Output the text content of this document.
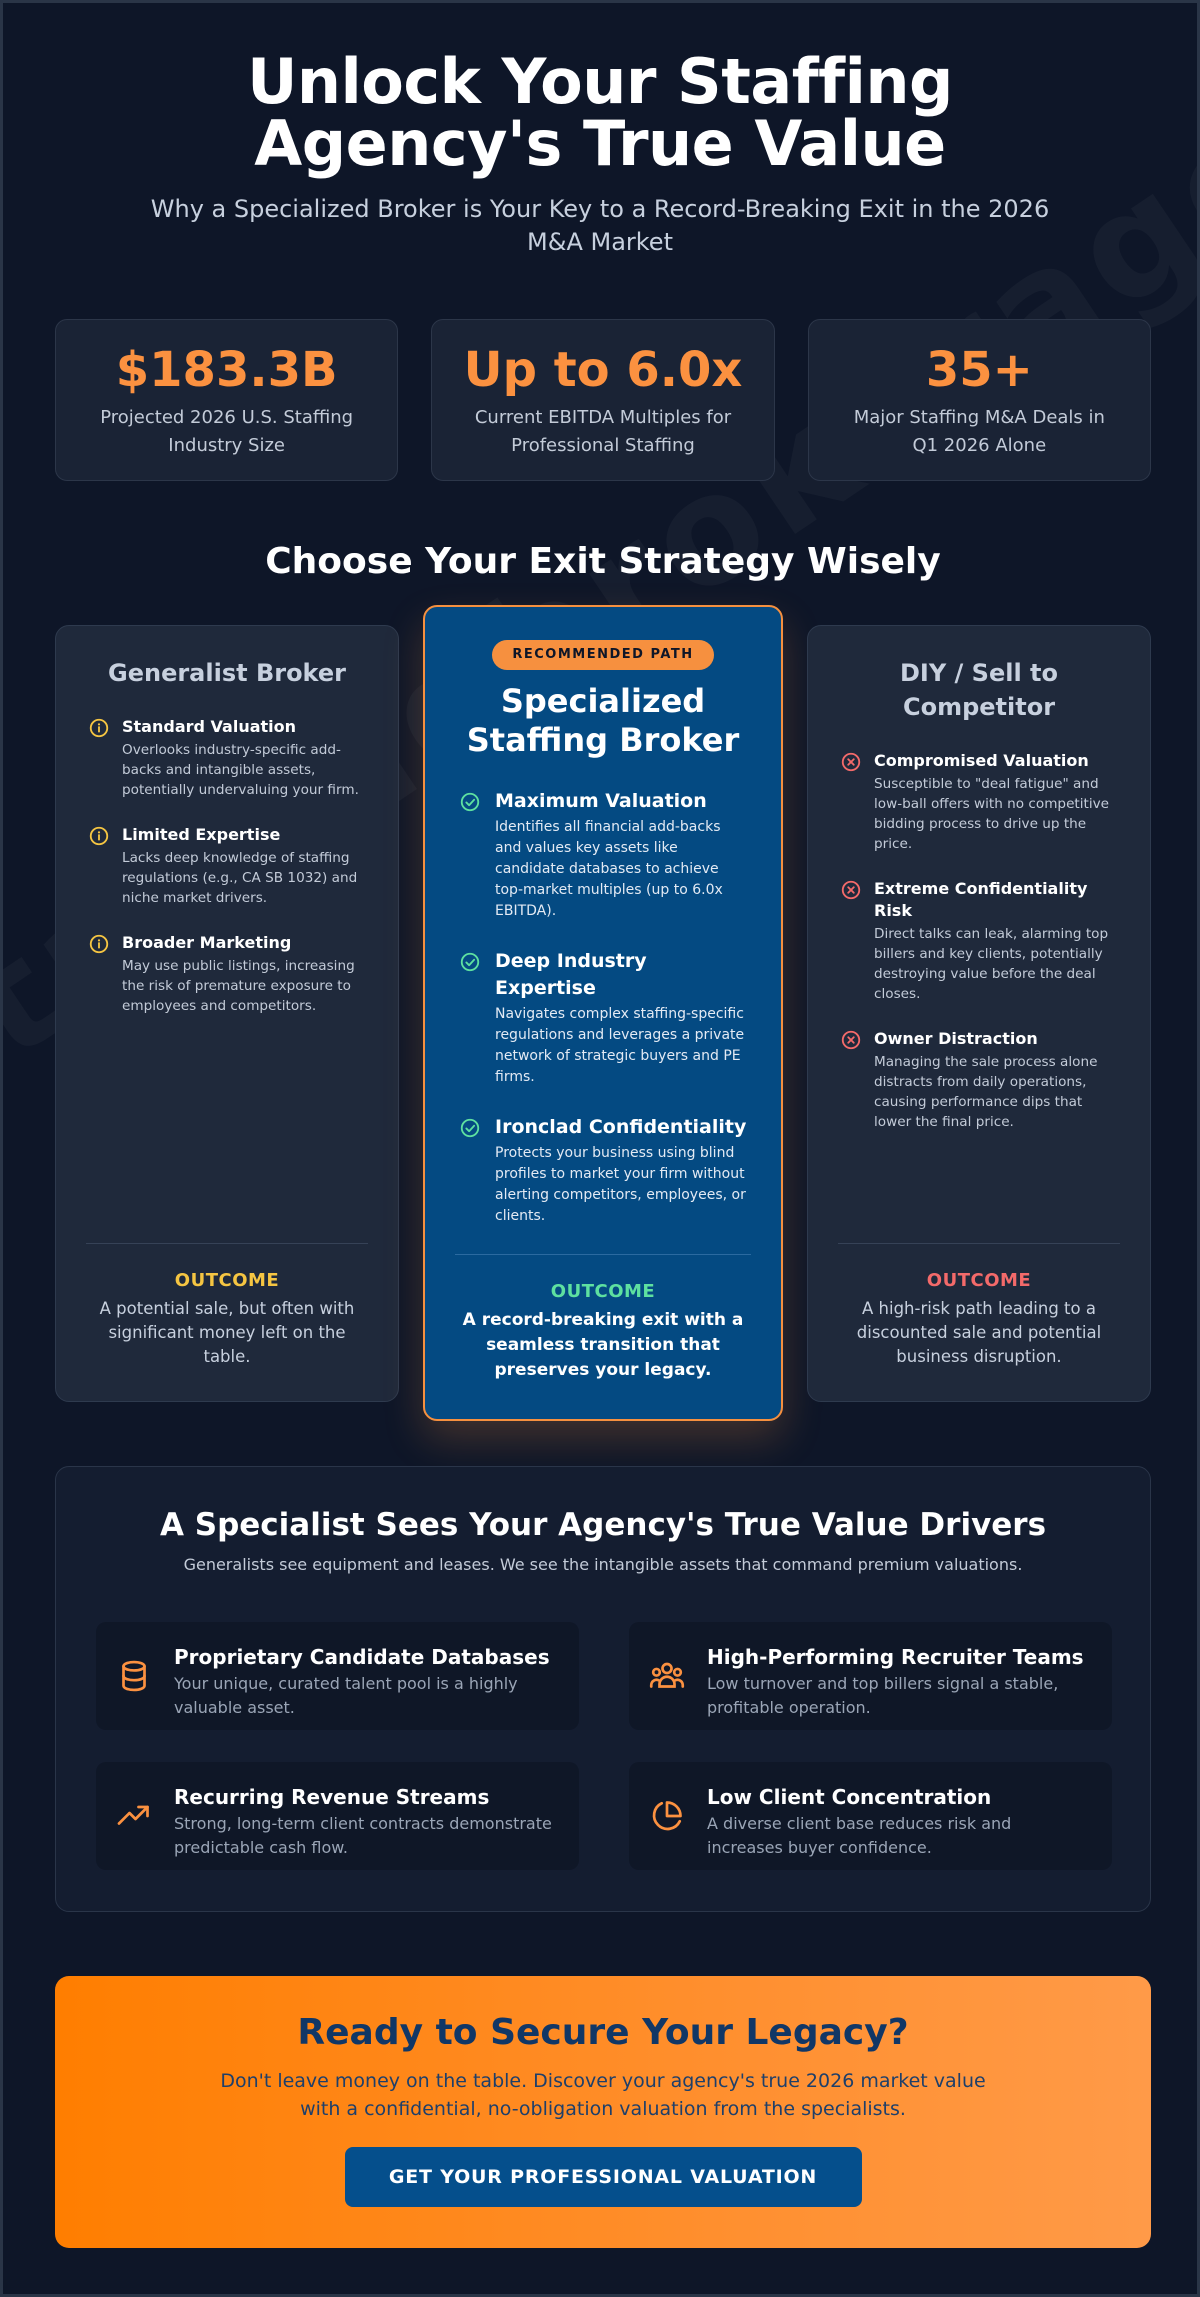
Unlock Your Staffing Agency's True Value

Why a Specialized Broker is Your Key to a Record-Breaking Exit in the 2026 M&A Market

$183.3B
Projected 2026 U.S. Staffing Industry Size
Up to 6.0x
Current EBITDA Multiples for Professional Staffing
35+
Major Staffing M&A Deals in Q1 2026 Alone
Choose Your Exit Strategy Wisely
Generalist Broker
Standard Valuation
Overlooks industry-specific add-backs and intangible assets, potentially undervaluing your firm.
Limited Expertise
Lacks deep knowledge of staffing regulations (e.g., CA SB 1032) and niche market drivers.
Broader Marketing
May use public listings, increasing the risk of premature exposure to employees and competitors.
OUTCOME
A potential sale, but often with significant money left on the table.
RECOMMENDED PATH
Specialized Staffing Broker
Maximum Valuation
Identifies all financial add-backs and values key assets like candidate databases to achieve top-market multiples (up to 6.0x EBITDA).
Deep Industry Expertise
Navigates complex staffing-specific regulations and leverages a private network of strategic buyers and PE firms.
Ironclad Confidentiality
Protects your business using blind profiles to market your firm without alerting competitors, employees, or clients.
OUTCOME
A record-breaking exit with a seamless transition that preserves your legacy.
DIY / Sell to Competitor
Compromised Valuation
Susceptible to "deal fatigue" and low-ball offers with no competitive bidding process to drive up the price.
Extreme Confidentiality Risk
Direct talks can leak, alarming top billers and key clients, potentially destroying value before the deal closes.
Owner Distraction
Managing the sale process alone distracts from daily operations, causing performance dips that lower the final price.
OUTCOME
A high-risk path leading to a discounted sale and potential business disruption.
A Specialist Sees Your Agency's True Value Drivers

Generalists see equipment and leases. We see the intangible assets that command premium valuations.

Proprietary Candidate Databases
Your unique, curated talent pool is a highly valuable asset.
High-Performing Recruiter Teams
Low turnover and top billers signal a stable, profitable operation.
Recurring Revenue Streams
Strong, long-term client contracts demonstrate predictable cash flow.
Low Client Concentration
A diverse client base reduces risk and increases buyer confidence.
Ready to Secure Your Legacy?

Don't leave money on the table. Discover your agency's true 2026 market value with a confidential, no-obligation valuation from the specialists.

GET YOUR PROFESSIONAL VALUATION
